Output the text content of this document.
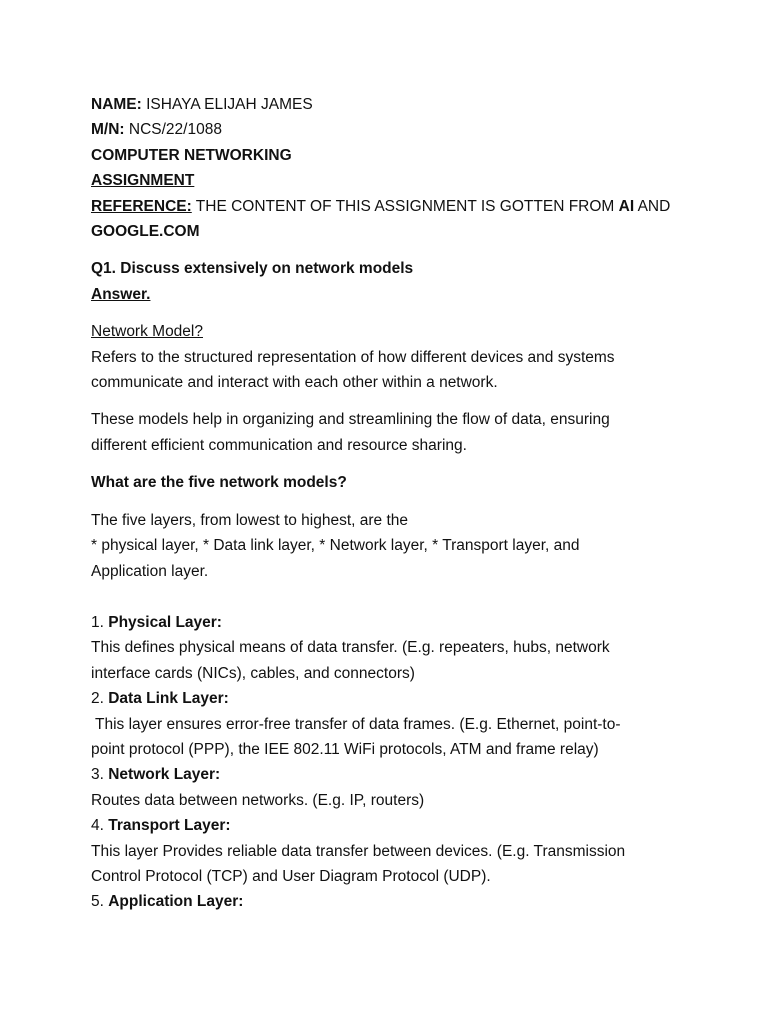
NAME: ISHAYA ELIJAH JAMES
M/N: NCS/22/1088
COMPUTER NETWORKING
ASSIGNMENT
REFERENCE: THE CONTENT OF THIS ASSIGNMENT IS GOTTEN FROM AI AND
GOOGLE.COM
Q1. Discuss extensively on network models
Answer.
Network Model?
Refers to the structured representation of how different devices and systems
communicate and interact with each other within a network.
These models help in organizing and streamlining the flow of data, ensuring
different efficient communication and resource sharing.
What are the five network models?
The five layers, from lowest to highest, are the
* physical layer, * Data link layer, * Network layer, * Transport layer, and
Application layer.
1. Physical Layer:
This defines physical means of data transfer. (E.g. repeaters, hubs, network
interface cards (NICs), cables, and connectors)
2. Data Link Layer:
This layer ensures error-free transfer of data frames. (E.g. Ethernet, point-to-
point protocol (PPP), the IEE 802.11 WiFi protocols, ATM and frame relay)
3. Network Layer:
Routes data between networks. (E.g. IP, routers)
4. Transport Layer:
This layer Provides reliable data transfer between devices. (E.g. Transmission
Control Protocol (TCP) and User Diagram Protocol (UDP).
5. Application Layer:
